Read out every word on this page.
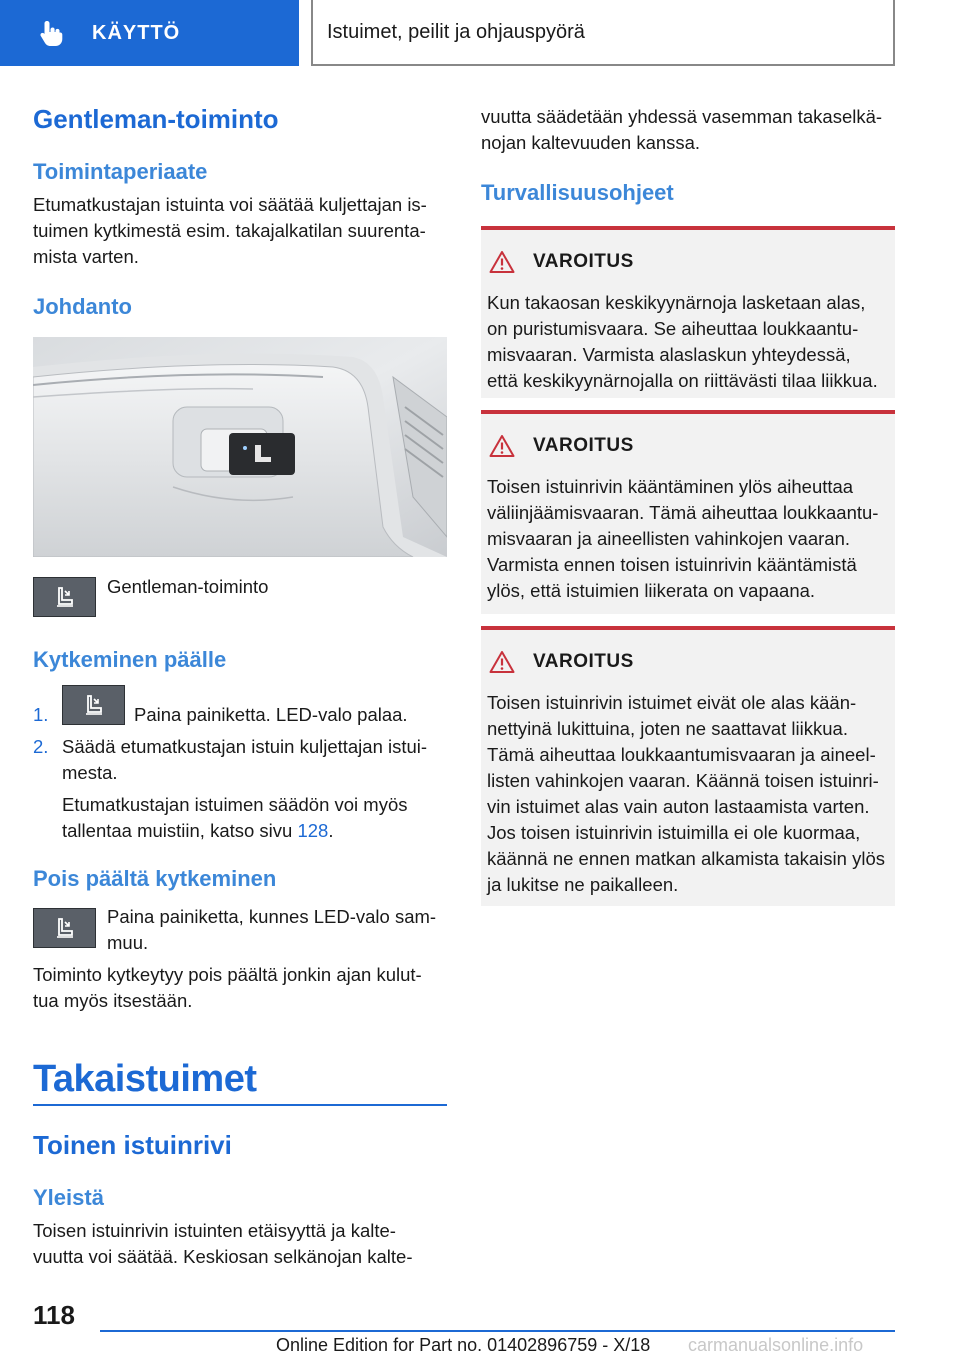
KÄYTTÖ	Istuimet, peilit ja ohjauspyörä
Gentleman-toiminto
Toimintaperiaate

Etumatkustajan istuinta voi säätää kuljettajan is‐
tuimen kytkimestä esim. takajalkatilan suurenta‐
mista varten.

Johdanto

Gentleman-toiminto

Kytkeminen päälle
1.	Paina painiketta. LED-valo palaa.

2. Säädä etumatkustajan istuin kuljettajan istui‐
mesta.

Etumatkustajan istuimen säädön voi myös
tallentaa muistiin, katso sivu 128.

Pois päältä kytkeminen

Paina painiketta, kunnes LED-valo sam‐
muu.

Toiminto kytkeytyy pois päältä jonkin ajan kulut‐
tua myös itsestään.

Takaistuimet
Toinen istuinrivi
Yleistä

Toisen istuinrivin istuinten etäisyyttä ja kalte‐
vuutta voi säätää. Keskiosan selkänojan kalte‐

vuutta säädetään yhdessä vasemman takaselkä‐
nojan kaltevuuden kanssa.

Turvallisuusohjeet
VAROITUS
Kun takaosan keskikyynärnoja lasketaan alas,
on puristumisvaara. Se aiheuttaa loukkaantu‐
misvaaran. Varmista alaslaskun yhteydessä,
että keskikyynärnojalla on riittävästi tilaa liikkua.
VAROITUS
Toisen istuinrivin kääntäminen ylös aiheuttaa
väliinjäämisvaaran. Tämä aiheuttaa loukkaantu‐
misvaaran ja aineellisten vahinkojen vaaran.
Varmista ennen toisen istuinrivin kääntämistä
ylös, että istuimien liikerata on vapaana.
VAROITUS
Toisen istuinrivin istuimet eivät ole alas kään‐
nettyinä lukittuina, joten ne saattavat liikkua.
Tämä aiheuttaa loukkaantumisvaaran ja aineel‐
listen vahinkojen vaaran. Käännä toisen istuinri‐
vin istuimet alas vain auton lastaamista varten.
Jos toisen istuinrivin istuimilla ei ole kuormaa,
käännä ne ennen matkan alkamista takaisin ylös
ja lukitse ne paikalleen.
118
Online Edition for Part no. 01402896759 - X/18 carmanualsonline.info
